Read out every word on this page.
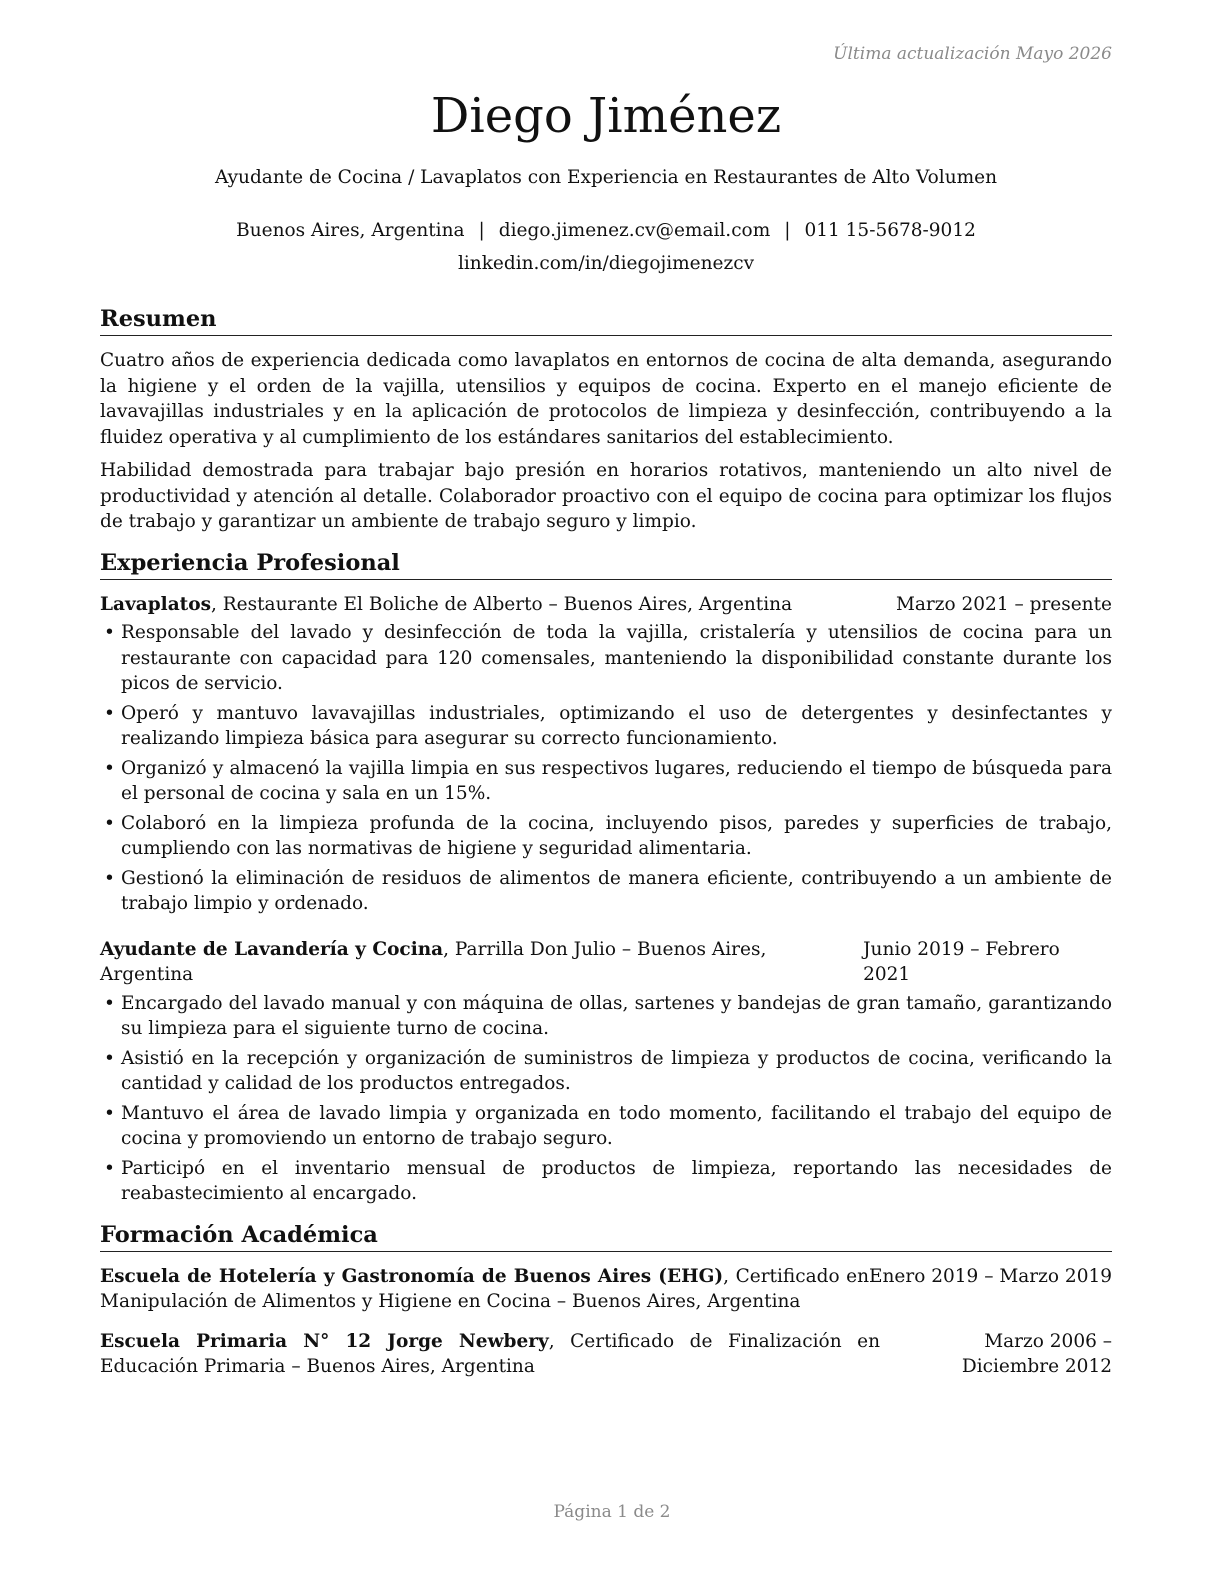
Última actualización Mayo 2026
Diego Jiménez
Ayudante de Cocina / Lavaplatos con Experiencia en Restaurantes de Alto Volumen
Buenos Aires, Argentina | diego.jimenez.cv@email.com | 011 15-5678-9012
linkedin.com/in/diegojimenezcv
Resumen

Cuatro años de experiencia dedicada como lavaplatos en entornos de cocina de alta demanda, asegurando la higiene y el orden de la vajilla, utensilios y equipos de cocina. Experto en el manejo eficiente de lavavajillas industriales y en la aplicación de protocolos de limpieza y desinfección, contribuyendo a la fluidez operativa y al cumplimiento de los estándares sanitarios del establecimiento.

Habilidad demostrada para trabajar bajo presión en horarios rotativos, manteniendo un alto nivel de productividad y atención al detalle. Colaborador proactivo con el equipo de cocina para optimizar los flujos de trabajo y garantizar un ambiente de trabajo seguro y limpio.

Experiencia Profesional
Lavaplatos, Restaurante El Boliche de Alberto – Buenos Aires, Argentina	Marzo 2021 – presente
• Responsable del lavado y desinfección de toda la vajilla, cristalería y utensilios de cocina para un restaurante con capacidad para 120 comensales, manteniendo la disponibilidad constante durante los picos de servicio.
• Operó y mantuvo lavavajillas industriales, optimizando el uso de detergentes y desinfectantes y realizando limpieza básica para asegurar su correcto funcionamiento.
• Organizó y almacenó la vajilla limpia en sus respectivos lugares, reduciendo el tiempo de búsqueda para el personal de cocina y sala en un 15%.
• Colaboró en la limpieza profunda de la cocina, incluyendo pisos, paredes y superficies de trabajo, cumpliendo con las normativas de higiene y seguridad alimentaria.
• Gestionó la eliminación de residuos de alimentos de manera eficiente, contribuyendo a un ambiente de trabajo limpio y ordenado.
Ayudante de Lavandería y Cocina, Parrilla Don Julio – Buenos Aires, Argentina
Junio 2019 – Febrero 2021
• Encargado del lavado manual y con máquina de ollas, sartenes y bandejas de gran tamaño, garantizando su limpieza para el siguiente turno de cocina.
• Asistió en la recepción y organización de suministros de limpieza y productos de cocina, verificando la cantidad y calidad de los productos entregados.
• Mantuvo el área de lavado limpia y organizada en todo momento, facilitando el trabajo del equipo de cocina y promoviendo un entorno de trabajo seguro.
• Participó en el inventario mensual de productos de limpieza, reportando las necesidades de reabastecimiento al encargado.
Formación Académica
Escuela de Hotelería y Gastronomía de Buenos Aires (EHG), Certificado en Manipulación de Alimentos y Higiene en Cocina – Buenos Aires, Argentina
Enero 2019 – Marzo 2019
Escuela Primaria N° 12 Jorge Newbery, Certificado de Finalización en Educación Primaria – Buenos Aires, Argentina
Marzo 2006 – Diciembre 2012
Página 1 de 2
